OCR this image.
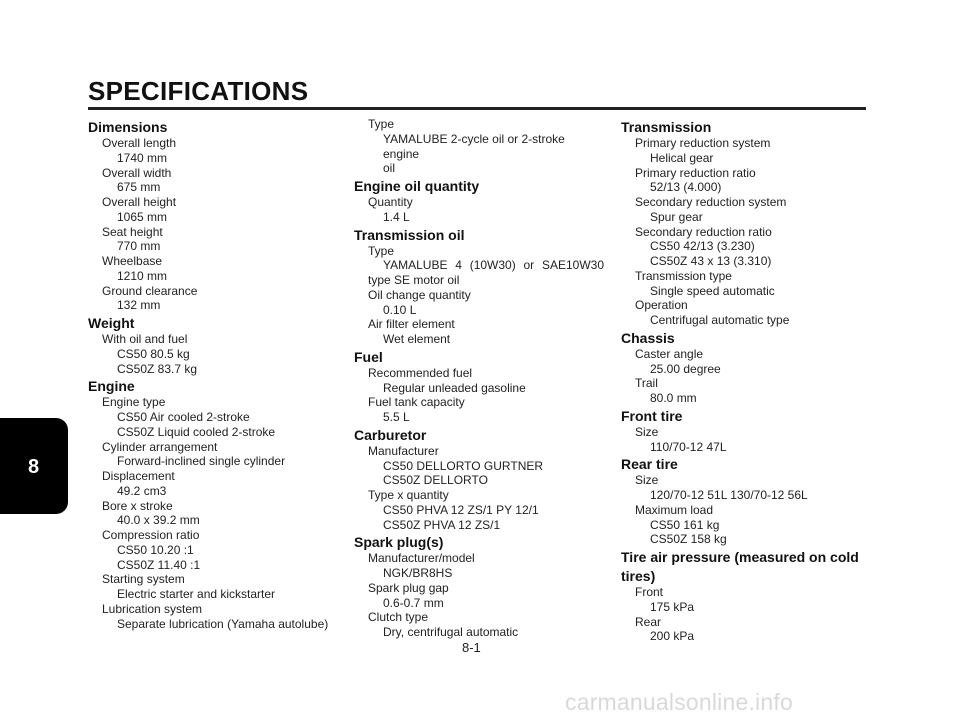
SPECIFICATIONS
Dimensions
Overall length
1740 mm
Overall width
675 mm
Overall height
1065 mm
Seat height
770 mm
Wheelbase
1210 mm
Ground clearance
132 mm
Weight
With oil and fuel
CS50 80.5 kg
CS50Z 83.7 kg
Engine
Engine type
CS50 Air cooled 2-stroke
CS50Z Liquid cooled 2-stroke
Cylinder arrangement
Forward-inclined single cylinder
Displacement
49.2 cm3
Bore x stroke
40.0 x 39.2 mm
Compression ratio
CS50 10.20 :1
CS50Z 11.40 :1
Starting system
Electric starter and kickstarter
Lubrication system
Separate lubrication (Yamaha autolube)
Type
YAMALUBE 2-cycle oil or 2-stroke engine
oil
Engine oil quantity
Quantity
1.4 L
Transmission oil
Type
YAMALUBE 4 (10W30) or SAE10W30
type SE motor oil
Oil change quantity
0.10 L
Air filter element
Wet element
Fuel
Recommended fuel
Regular unleaded gasoline
Fuel tank capacity
5.5 L
Carburetor
Manufacturer
CS50 DELLORTO GURTNER
CS50Z DELLORTO
Type x quantity
CS50 PHVA 12 ZS/1 PY 12/1
CS50Z PHVA 12 ZS/1
Spark plug(s)
Manufacturer/model
NGK/BR8HS
Spark plug gap
0.6-0.7 mm
Clutch type
Dry, centrifugal automatic
Transmission
Primary reduction system
Helical gear
Primary reduction ratio
52/13 (4.000)
Secondary reduction system
Spur gear
Secondary reduction ratio
CS50 42/13 (3.230)
CS50Z 43 x 13 (3.310)
Transmission type
Single speed automatic
Operation
Centrifugal automatic type
Chassis
Caster angle
25.00 degree
Trail
80.0 mm
Front tire
Size
110/70-12 47L
Rear tire
Size
120/70-12 51L 130/70-12 56L
Maximum load
CS50 161 kg
CS50Z 158 kg
Tire air pressure (measured on cold
tires)
Front
175 kPa
Rear
200 kPa
8
8-1
carmanualsonline.info
